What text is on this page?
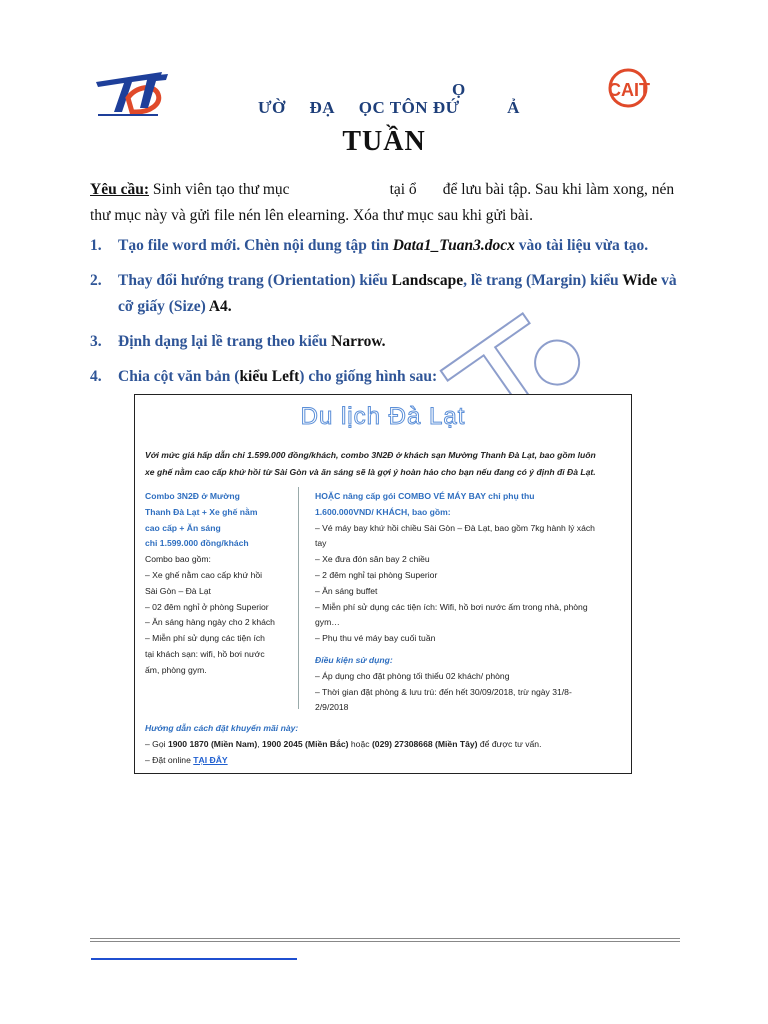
CAIT
Ọ
ƯỜ     ĐẠ     ỌC TÔN ĐỨ          Ả
TUẦN
Yêu cầu: Sinh viên tạo thư mục	tại ổ để lưu bài tập. Sau khi làm xong, nén thư mục này và gửi file nén lên elearning. Xóa thư mục sau khi gửi bài.
1. Tạo file word mới. Chèn nội dung tập tin Data1_Tuan3.docx vào tài liệu vừa tạo.
2. Thay đổi hướng trang (Orientation) kiểu Landscape, lề trang (Margin) kiểu Wide và cỡ giấy (Size) A4.
3. Định dạng lại lề trang theo kiểu Narrow.
4. Chia cột văn bản (kiểu Left) cho giống hình sau:
Du lịch Đà Lạt
Với mức giá hấp dẫn chỉ 1.599.000 đồng/khách, combo 3N2Đ ở khách sạn Mường Thanh Đà Lạt, bao gồm luôn
xe ghế nằm cao cấp khứ hồi từ Sài Gòn và ăn sáng sẽ là gợi ý hoàn hảo cho bạn nếu đang có ý định đi Đà Lạt.
Combo 3N2Đ ở Mường
Thanh Đà Lạt + Xe ghế nằm
cao cấp + Ăn sáng
chỉ 1.599.000 đồng/khách
Combo bao gồm:
– Xe ghế nằm cao cấp khứ hồi
Sài Gòn – Đà Lạt
– 02 đêm nghỉ ở phòng Superior
– Ăn sáng hàng ngày cho 2 khách
– Miễn phí sử dụng các tiện ích
tại khách sạn: wifi, hồ bơi nước
ấm, phòng gym.
HOẶC nâng cấp gói COMBO VÉ MÁY BAY chỉ phụ thu
1.600.000VND/ KHÁCH, bao gồm:
– Vé máy bay khứ hồi chiều Sài Gòn – Đà Lạt, bao gồm 7kg hành lý xách
tay
– Xe đưa đón sân bay 2 chiều
– 2 đêm nghỉ tại phòng Superior
– Ăn sáng buffet
– Miễn phí sử dụng các tiện ích: Wifi, hồ bơi nước ấm trong nhà, phòng
gym…
– Phụ thu vé máy bay cuối tuần
Điều kiện sử dụng:
– Áp dụng cho đặt phòng tối thiểu 02 khách/ phòng
– Thời gian đặt phòng & lưu trú: đến hết 30/09/2018, trừ ngày 31/8-
2/9/2018
Hướng dẫn cách đặt khuyến mãi này:
– Gọi 1900 1870 (Miền Nam), 1900 2045 (Miền Bắc) hoặc (029) 27308668 (Miền Tây) để được tư vấn.
– Đặt online TẠI ĐÂY
